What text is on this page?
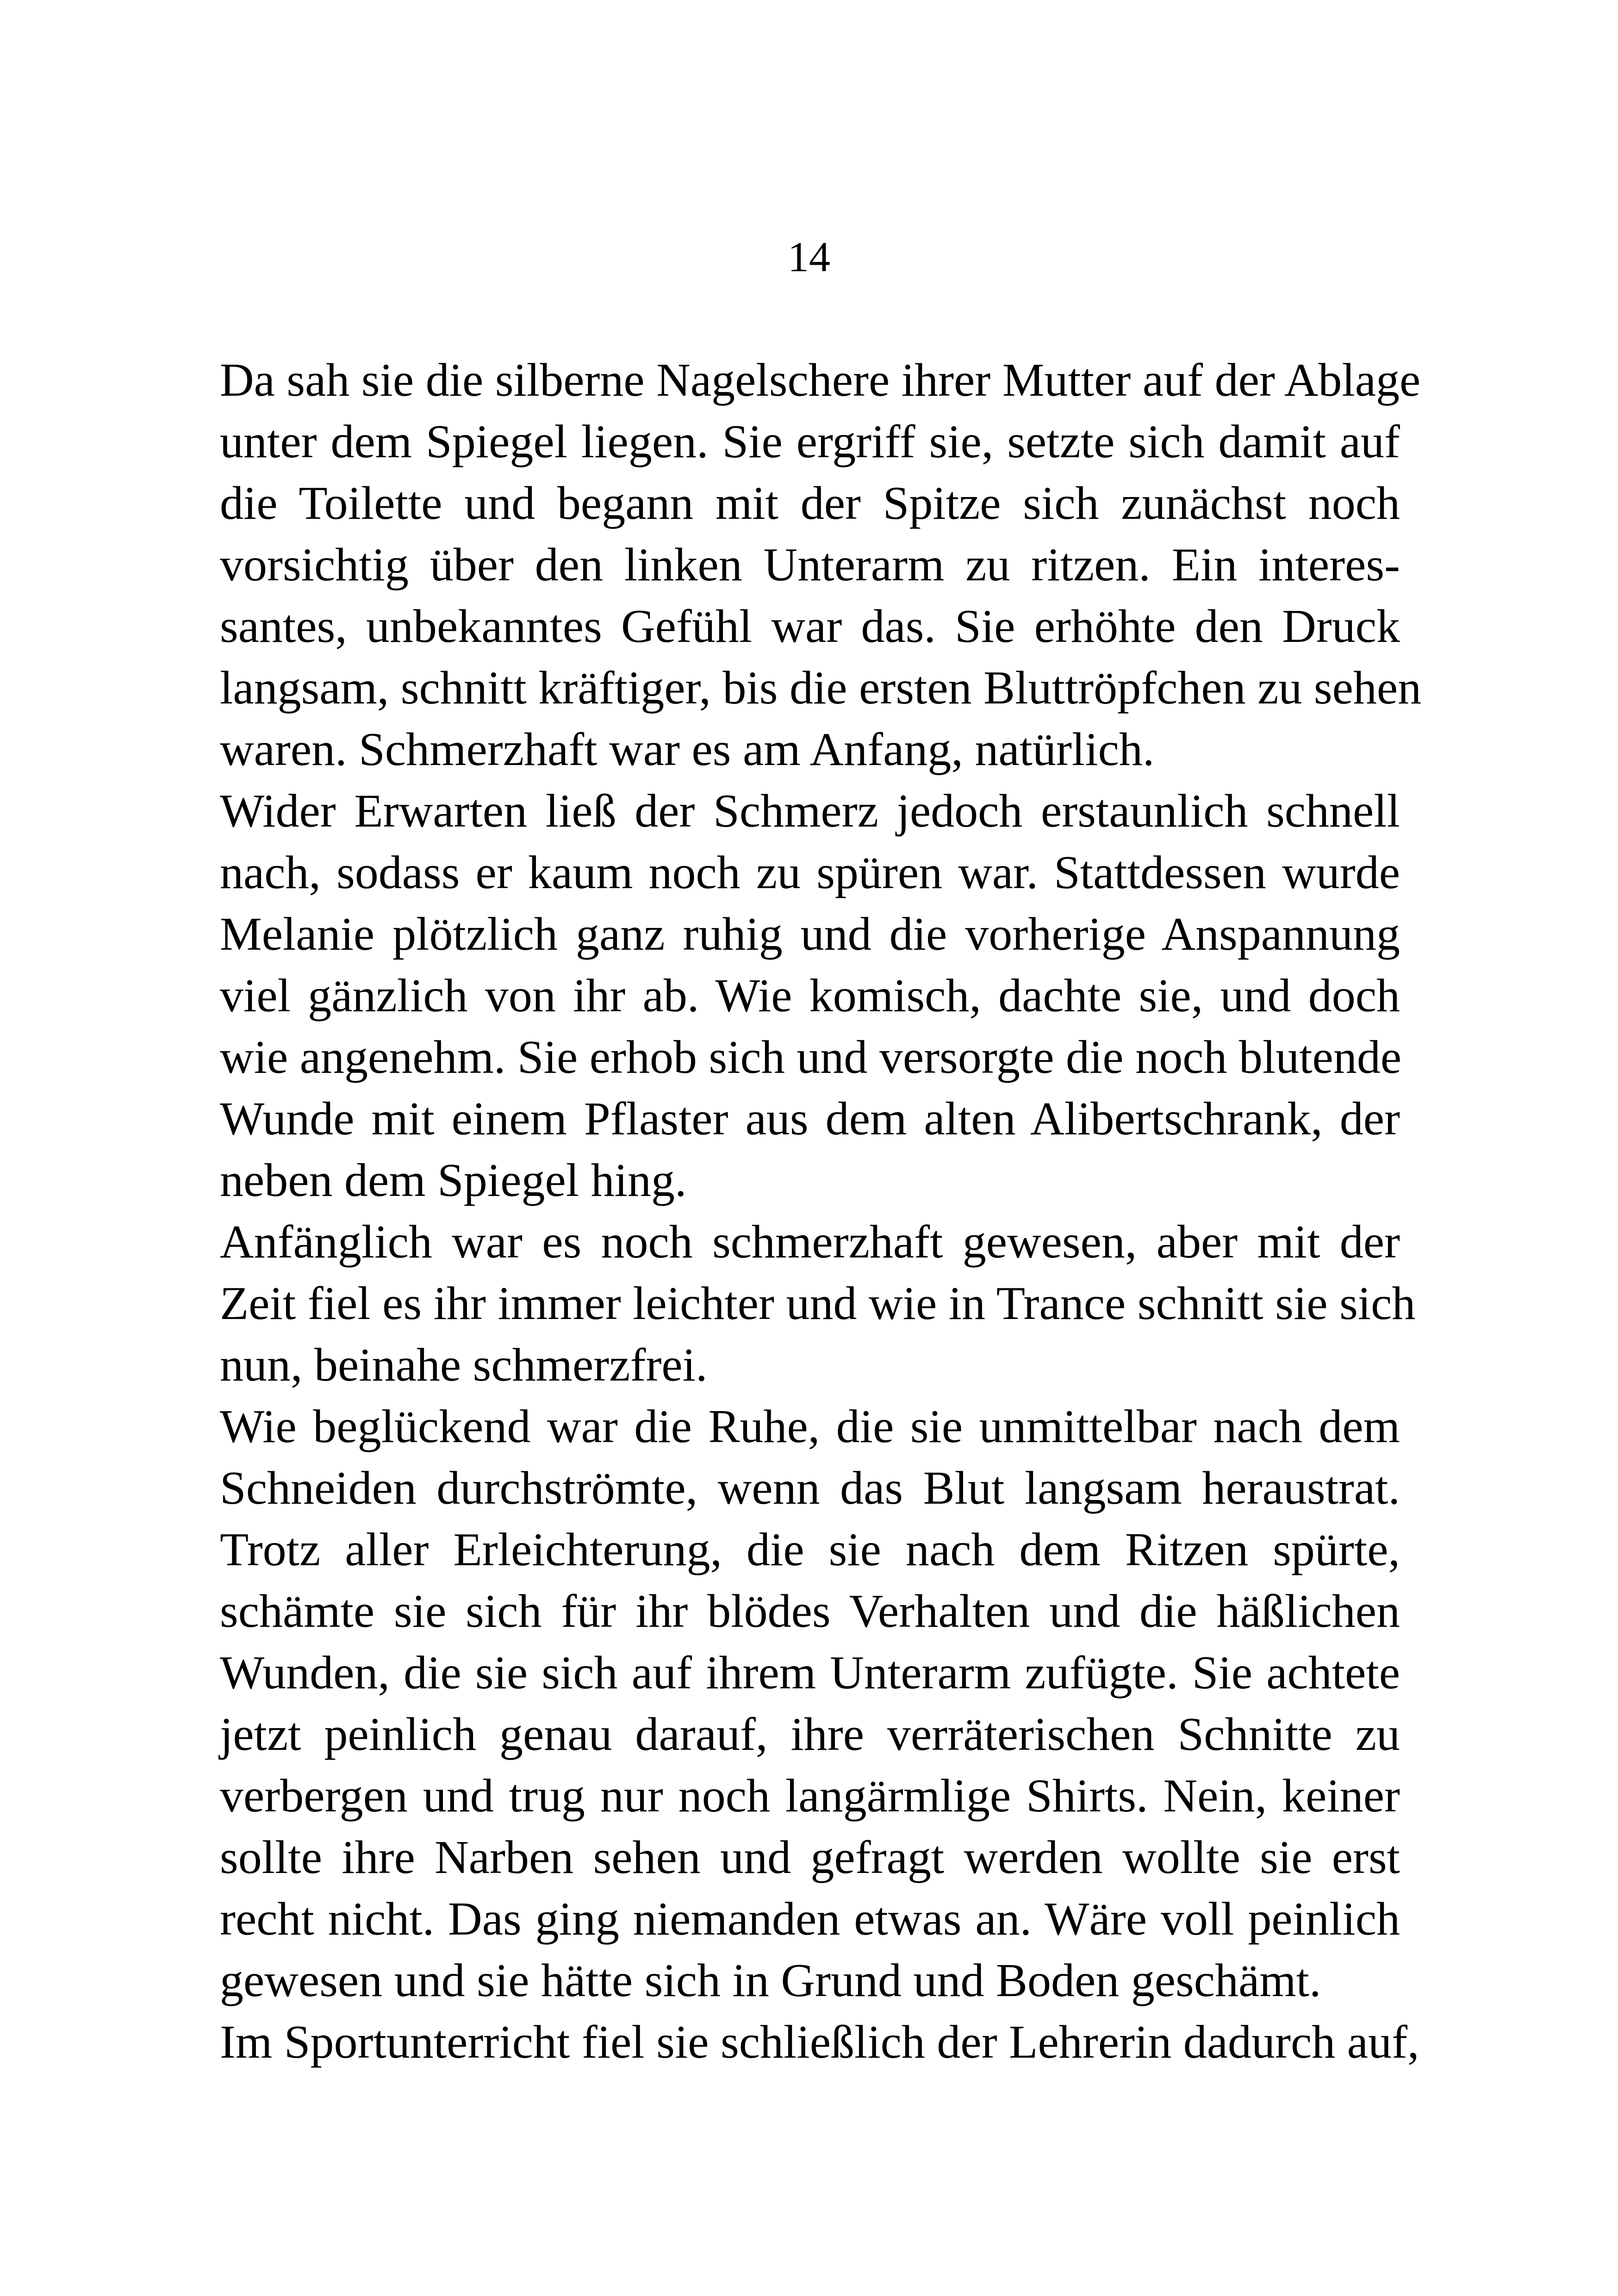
14
Da sah sie die silberne Nagelschere ihrer Mutter auf der Ablage
unter dem Spiegel liegen. Sie ergriff sie, setzte sich damit auf
die Toilette und begann mit der Spitze sich zunächst noch
vorsichtig über den linken Unterarm zu ritzen. Ein interes-
santes, unbekanntes Gefühl war das. Sie erhöhte den Druck
langsam, schnitt kräftiger, bis die ersten Bluttröpfchen zu sehen
waren. Schmerzhaft war es am Anfang, natürlich.
Wider Erwarten ließ der Schmerz jedoch erstaunlich schnell
nach, sodass er kaum noch zu spüren war. Stattdessen wurde
Melanie plötzlich ganz ruhig und die vorherige Anspannung
viel gänzlich von ihr ab. Wie komisch, dachte sie, und doch
wie angenehm. Sie erhob sich und versorgte die noch blutende
Wunde mit einem Pflaster aus dem alten Alibertschrank, der
neben dem Spiegel hing.
Anfänglich war es noch schmerzhaft gewesen, aber mit der
Zeit fiel es ihr immer leichter und wie in Trance schnitt sie sich
nun, beinahe schmerzfrei.
Wie beglückend war die Ruhe, die sie unmittelbar nach dem
Schneiden durchströmte, wenn das Blut langsam heraustrat.
Trotz aller Erleichterung, die sie nach dem Ritzen spürte,
schämte sie sich für ihr blödes Verhalten und die häßlichen
Wunden, die sie sich auf ihrem Unterarm zufügte. Sie achtete
jetzt peinlich genau darauf, ihre verräterischen Schnitte zu
verbergen und trug nur noch langärmlige Shirts. Nein, keiner
sollte ihre Narben sehen und gefragt werden wollte sie erst
recht nicht. Das ging niemanden etwas an. Wäre voll peinlich
gewesen und sie hätte sich in Grund und Boden geschämt.
Im Sportunterricht fiel sie schließlich der Lehrerin dadurch auf,
